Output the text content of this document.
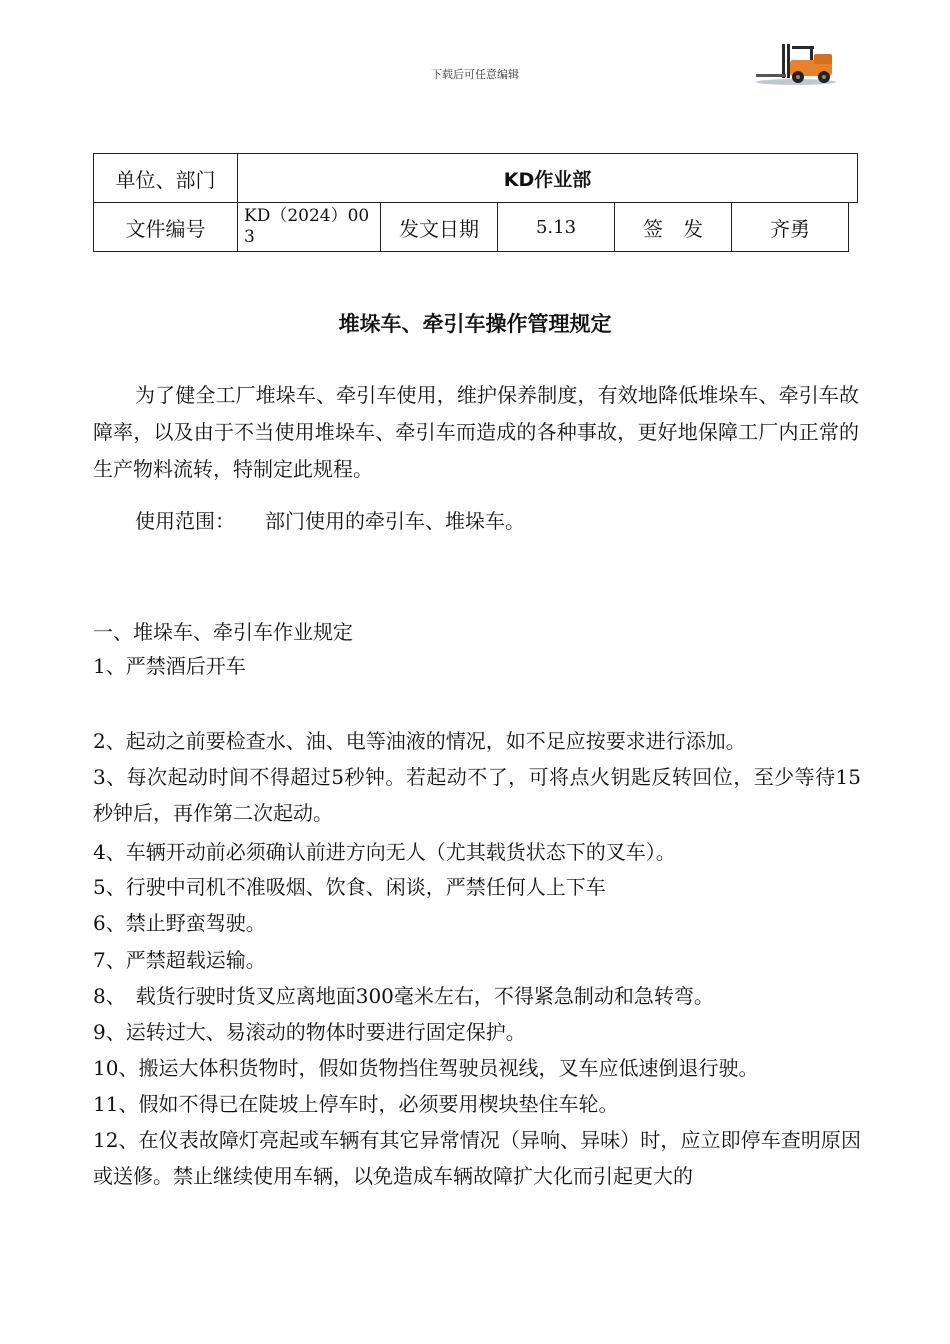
下载后可任意编辑
单位、部门	KD作业部					
文件编号	KD（2024）003	发文日期	5.13	签　发	齐勇	
堆垛车、牵引车操作管理规定
为了健全工厂堆垛车、牵引车使用，维护保养制度，有效地降低堆垛车、牵引车故障率，以及由于不当使用堆垛车、牵引车而造成的各种事故，更好地保障工厂内正常的生产物料流转，特制定此规程。
使用范围： 部门使用的牵引车、堆垛车。
一、堆垛车、牵引车作业规定
1、严禁酒后开车
2、起动之前要检查水、油、电等油液的情况，如不足应按要求进行添加。
3、每次起动时间不得超过5秒钟。若起动不了，可将点火钥匙反转回位，至少等待15秒钟后，再作第二次起动。
4、车辆开动前必须确认前进方向无人（尤其载货状态下的叉车）。
5、行驶中司机不准吸烟、饮食、闲谈，严禁任何人上下车
6、禁止野蛮驾驶。
7、严禁超载运输。
8、　载货行驶时货叉应离地面300毫米左右，不得紧急制动和急转弯。
9、运转过大、易滚动的物体时要进行固定保护。
10、搬运大体积货物时，假如货物挡住驾驶员视线，叉车应低速倒退行驶。
11、假如不得已在陡坡上停车时，必须要用楔块垫住车轮。
12、在仪表故障灯亮起或车辆有其它异常情况（异响、异味）时，应立即停车查明原因或送修。禁止继续使用车辆，以免造成车辆故障扩大化而引起更大的
